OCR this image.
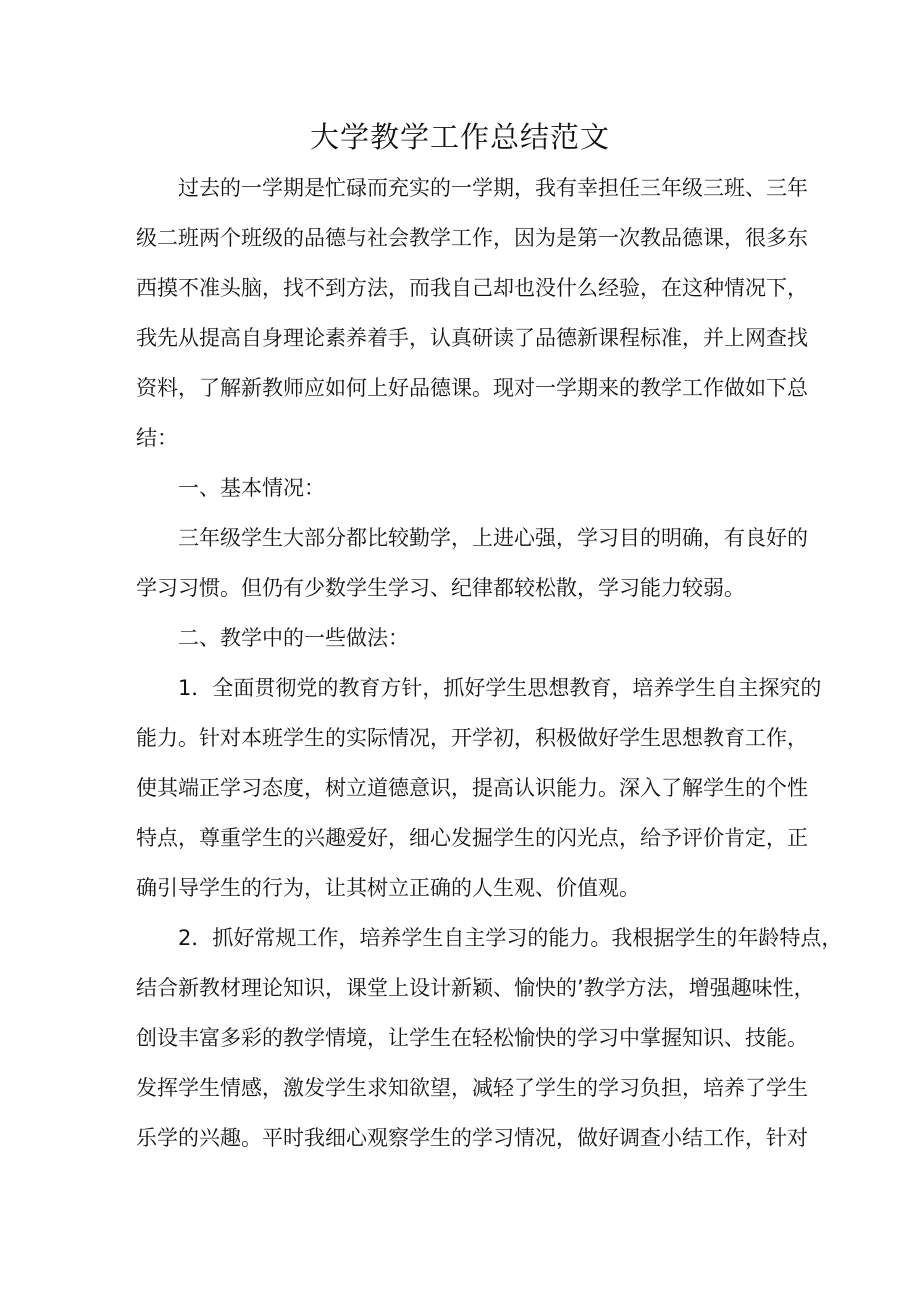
大学教学工作总结范文

过去的一学期是忙碌而充实的一学期，我有幸担任三年级三班、三年

级二班两个班级的品德与社会教学工作，因为是第一次教品德课，很多东

西摸不准头脑，找不到方法，而我自己却也没什么经验，在这种情况下，

我先从提高自身理论素养着手，认真研读了品德新课程标准，并上网查找

资料，了解新教师应如何上好品德课。现对一学期来的教学工作做如下总

结：

一、基本情况：

三年级学生大部分都比较勤学，上进心强，学习目的明确，有良好的

学习习惯。但仍有少数学生学习、纪律都较松散，学习能力较弱。

二、教学中的一些做法：

1．全面贯彻党的教育方针，抓好学生思想教育，培养学生自主探究的

能力。针对本班学生的实际情况，开学初，积极做好学生思想教育工作，

使其端正学习态度，树立道德意识，提高认识能力。深入了解学生的个性

特点，尊重学生的兴趣爱好，细心发掘学生的闪光点，给予评价肯定，正

确引导学生的行为，让其树立正确的人生观、价值观。

2．抓好常规工作，培养学生自主学习的能力。我根据学生的年龄特点，

结合新教材理论知识，课堂上设计新颖、愉快的’教学方法，增强趣味性，

创设丰富多彩的教学情境，让学生在轻松愉快的学习中掌握知识、技能。

发挥学生情感，激发学生求知欲望，减轻了学生的学习负担，培养了学生

乐学的兴趣。平时我细心观察学生的学习情况，做好调查小结工作，针对
